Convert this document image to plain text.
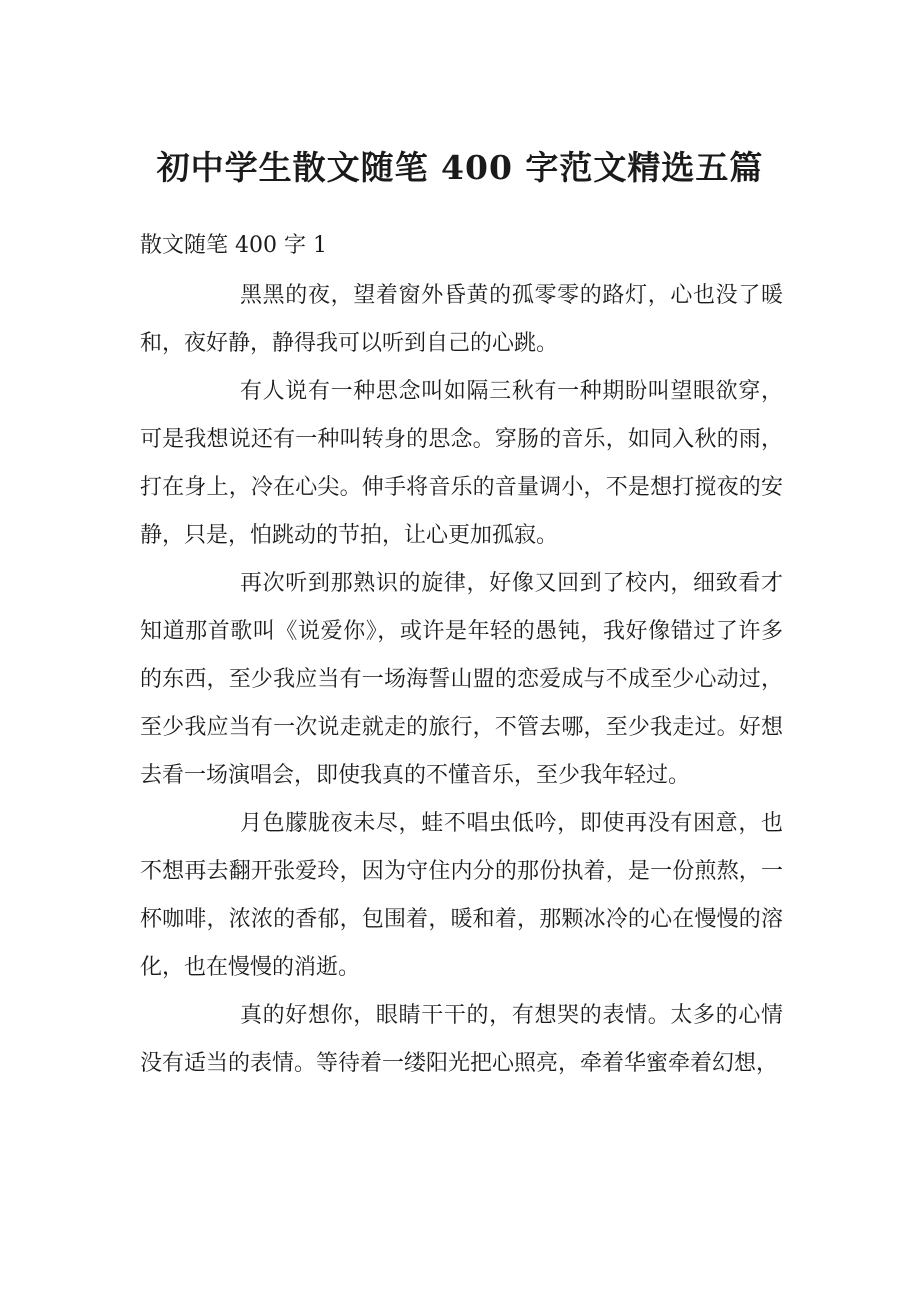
初中学生散文随笔 400 字范文精选五篇

散文随笔 400 字 1

黑黑的夜，望着窗外昏黄的孤零零的路灯，心也没了暖和，夜好静，静得我可以听到自己的心跳。

有人说有一种思念叫如隔三秋有一种期盼叫望眼欲穿，可是我想说还有一种叫转身的思念。穿肠的音乐，如同入秋的雨，打在身上，冷在心尖。伸手将音乐的音量调小，不是想打搅夜的安静，只是，怕跳动的节拍，让心更加孤寂。

再次听到那熟识的旋律，好像又回到了校内，细致看才知道那首歌叫《说爱你》，或许是年轻的愚钝，我好像错过了许多的东西，至少我应当有一场海誓山盟的恋爱成与不成至少心动过，至少我应当有一次说走就走的旅行，不管去哪，至少我走过。好想去看一场演唱会，即使我真的不懂音乐，至少我年轻过。

月色朦胧夜未尽，蛙不唱虫低吟，即使再没有困意，也不想再去翻开张爱玲，因为守住内分的那份执着，是一份煎熬，一杯咖啡，浓浓的香郁，包围着，暖和着，那颗冰冷的心在慢慢的溶化，也在慢慢的消逝。

真的好想你，眼睛干干的，有想哭的表情。太多的心情没有适当的表情。等待着一缕阳光把心照亮，牵着华蜜牵着幻想，
